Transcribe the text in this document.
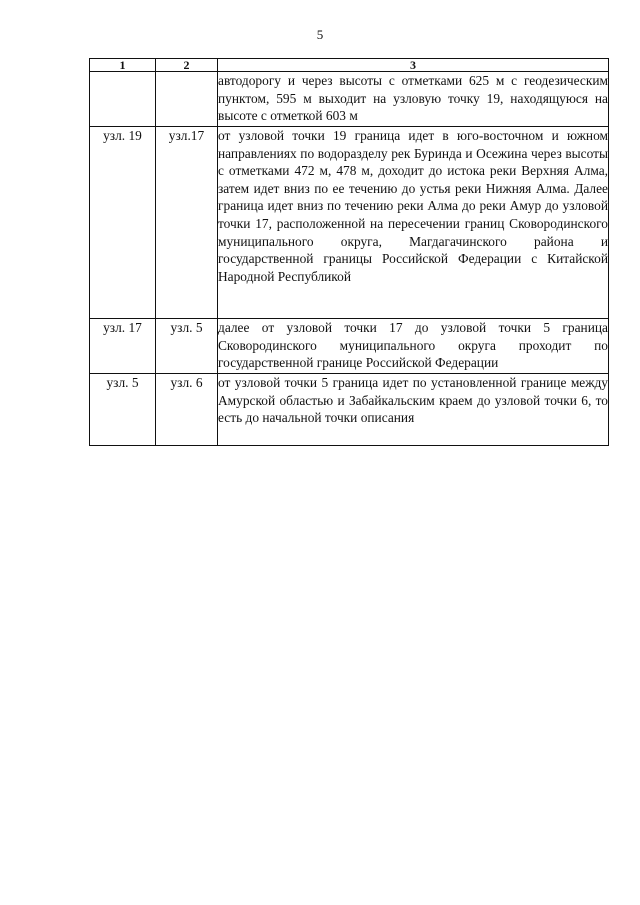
5
1	2	3
		автодорогу и через высоты с отметками 625 м с геодезическим пунктом, 595 м выходит на узловую точку 19, находящуюся на высоте с отметкой 603 м
узл. 19	узл.17	от узловой точки 19 граница идет в юго-восточном и южном направлениях по водоразделу рек Буринда и Осежина через высоты с отметками 472 м, 478 м, доходит до истока реки Верхняя Алма, затем идет вниз по ее течению до устья реки Нижняя Алма. Далее граница идет вниз по течению реки Алма до реки Амур до узловой точки 17, расположенной на пересечении границ Сковородинского муниципального округа, Магдагачинского района и государственной границы Российской Федерации с Китайской Народной Республикой
узл. 17	узл. 5	далее от узловой точки 17 до узловой точки 5 граница Сковородинского муниципального округа проходит по государственной границе Российской Федерации
узл. 5	узл. 6	от узловой точки 5 граница идет по установленной границе между Амурской областью и Забайкальским краем до узловой точки 6, то есть до начальной точки описания
